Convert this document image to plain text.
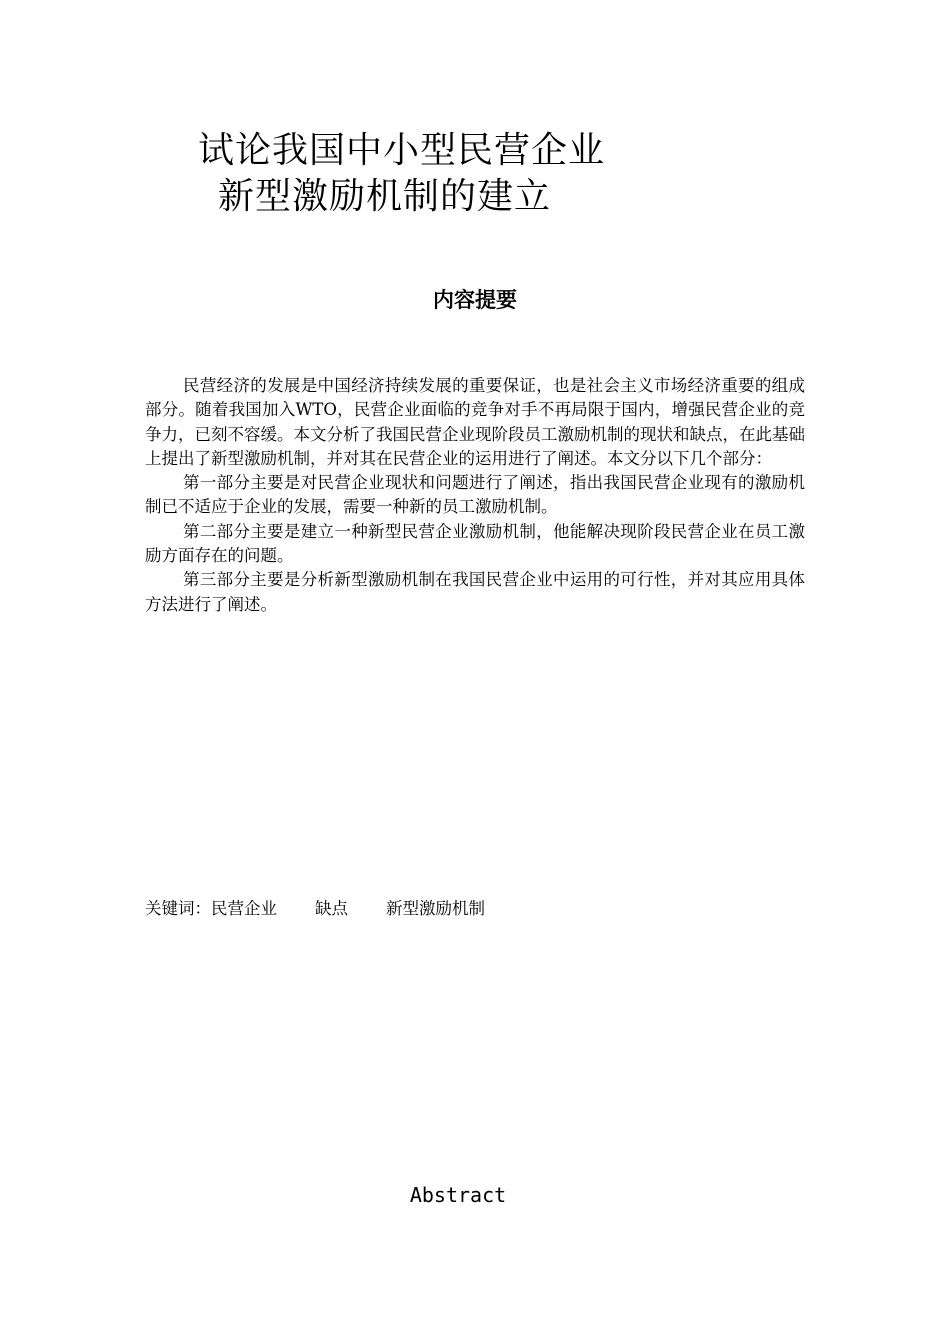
试论我国中小型民营企业
新型激励机制的建立
内容提要

民营经济的发展是中国经济持续发展的重要保证，也是社会主义市场经济重要的组成部分。随着我国加入WTO，民营企业面临的竞争对手不再局限于国内，增强民营企业的竞争力，已刻不容缓。本文分析了我国民营企业现阶段员工激励机制的现状和缺点，在此基础上提出了新型激励机制，并对其在民营企业的运用进行了阐述。本文分以下几个部分：

第一部分主要是对民营企业现状和问题进行了阐述，指出我国民营企业现有的激励机制已不适应于企业的发展，需要一种新的员工激励机制。

第二部分主要是建立一种新型民营企业激励机制，他能解决现阶段民营企业在员工激励方面存在的问题。

第三部分主要是分析新型激励机制在我国民营企业中运用的可行性，并对其应用具体方法进行了阐述。

关键词：民营企业 缺点 新型激励机制
Abstract
